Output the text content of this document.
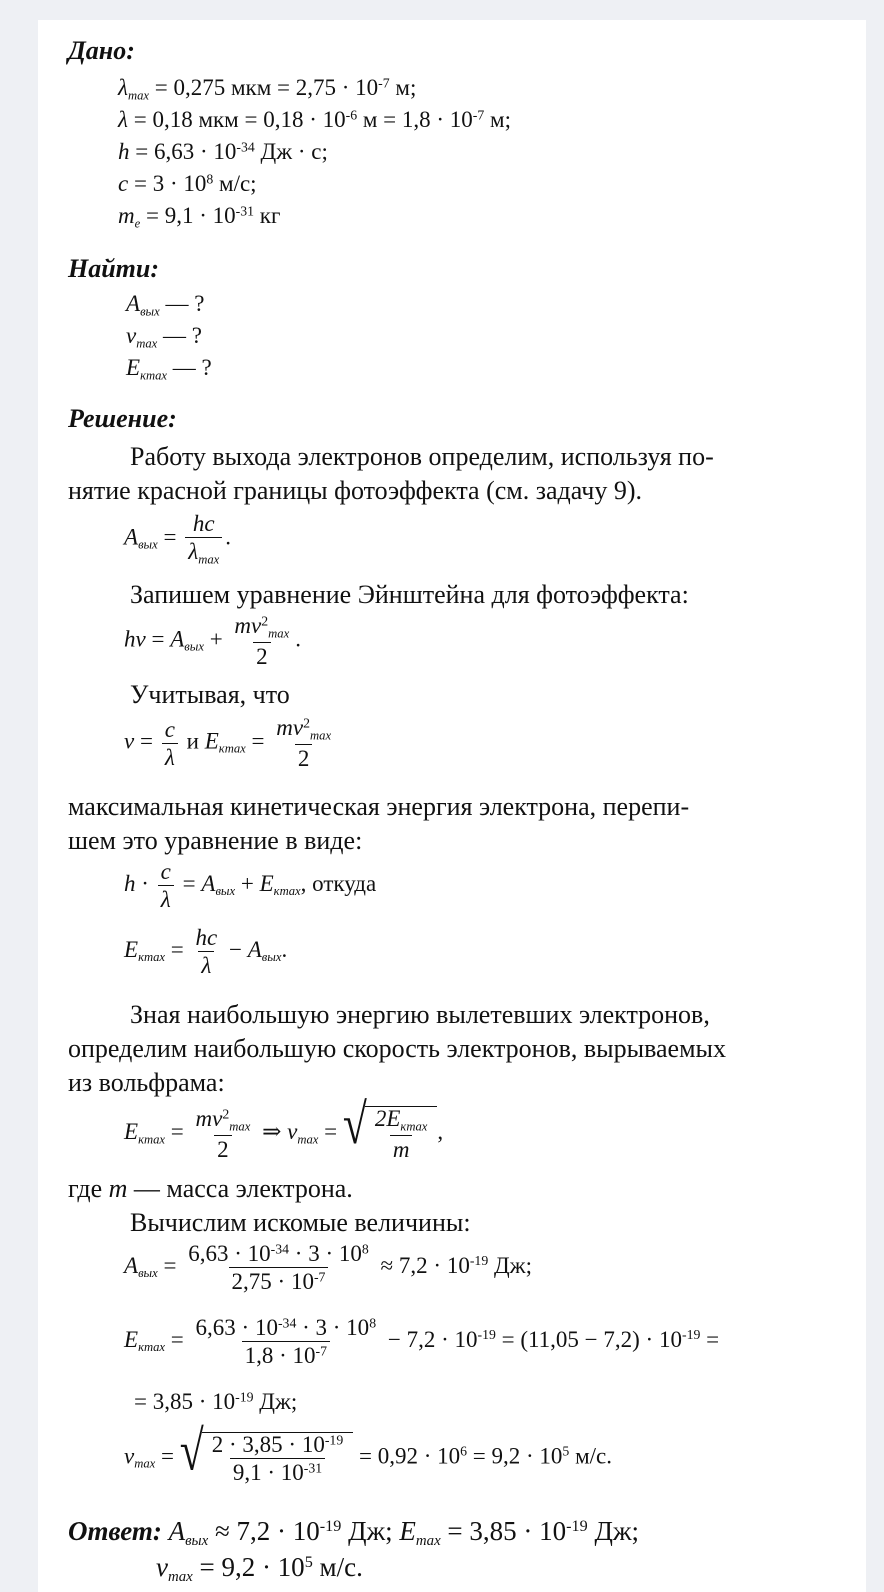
Дано:
$\lambda_{max} = 0,275$ мкм = $2,75 \cdot 10^{-7}$ м;
λ = 0,18 мкм = $0,18 \cdot 10^{-6}$ $м = 1,8 \cdot 10^{-7}$ м;
$h = 6,63 \cdot 10^{-34}$ Дж · с;
$c = 3 \cdot 10^8$ м/с;
$m_e = 9,1 \cdot 10^{-31}$ кг
Найти:
$A_{вых}$ — ?
$v_{max}$ — ?
$E_{кmax}$ — ?
Решение:
Работу выхода электронов определим, используя по-
нятие красной границы фотоэффекта (см. задачу 9).
$A_{вых}$ =
hc
$\lambda_{max}$
.
Запишем уравнение Эйнштейна для фотоэффекта:
hv = $A_{вых}$ +
$mv^2_{max}$
2
.
Учитывая, что
$\nu = \frac{c}{\lambda}$ и $E_{кmax}$ =
$mv^2_{max}$
2
максимальная кинетическая энергия электрона, перепи-
шем это уравнение в виде:
$h \cdot \frac{c}{\lambda} = A_{вых} + E_{кmax}$, откуда
$E_{кmax} = \frac{hc}{\lambda} - A_{вых}$.
Зная наибольшую энергию вылетевших электронов,
определим наибольшую скорость электронов, вырываемых
из вольфрама:
$E_{кmax}$ =
$mv^2_{max}$
2
⇒ $v_{max}$ = √ $2E_{кmax}$
m
,
где m — масса электрона.
Вычислим искомые величины:
$A_{вых} = \frac{6,63 \cdot 10^{-34} \cdot 3 \cdot 10^8}{2,75 \cdot 10^{-7}} \approx 7,2 \cdot 10^{-19}$ Дж;
$E_{кmax} = \frac{6,63 \cdot 10^{-34} \cdot 3 \cdot 10^8}{1,8 \cdot 10^{-7}} - 7,2 \cdot 10^{-19} = (11,05 - 7,2) \cdot 10^{-19}$ =
= $3,85 \cdot 10^{-19}$ Дж;
$v_{max}$ = √ $2 \cdot 3,85 \cdot 10^{-19}$
$9,1 \cdot 10^{-31} = 0,92 \cdot 10^6 = 9,2 \cdot 10^5$ м/с.
Ответ: $A_{вых} \approx 7,2 \cdot 10^{-19}$ Дж; $E_{max} = 3,85 \cdot 10^{-19}$ Дж;
$v_{max} = 9,2 \cdot 10^5$ м/с.
